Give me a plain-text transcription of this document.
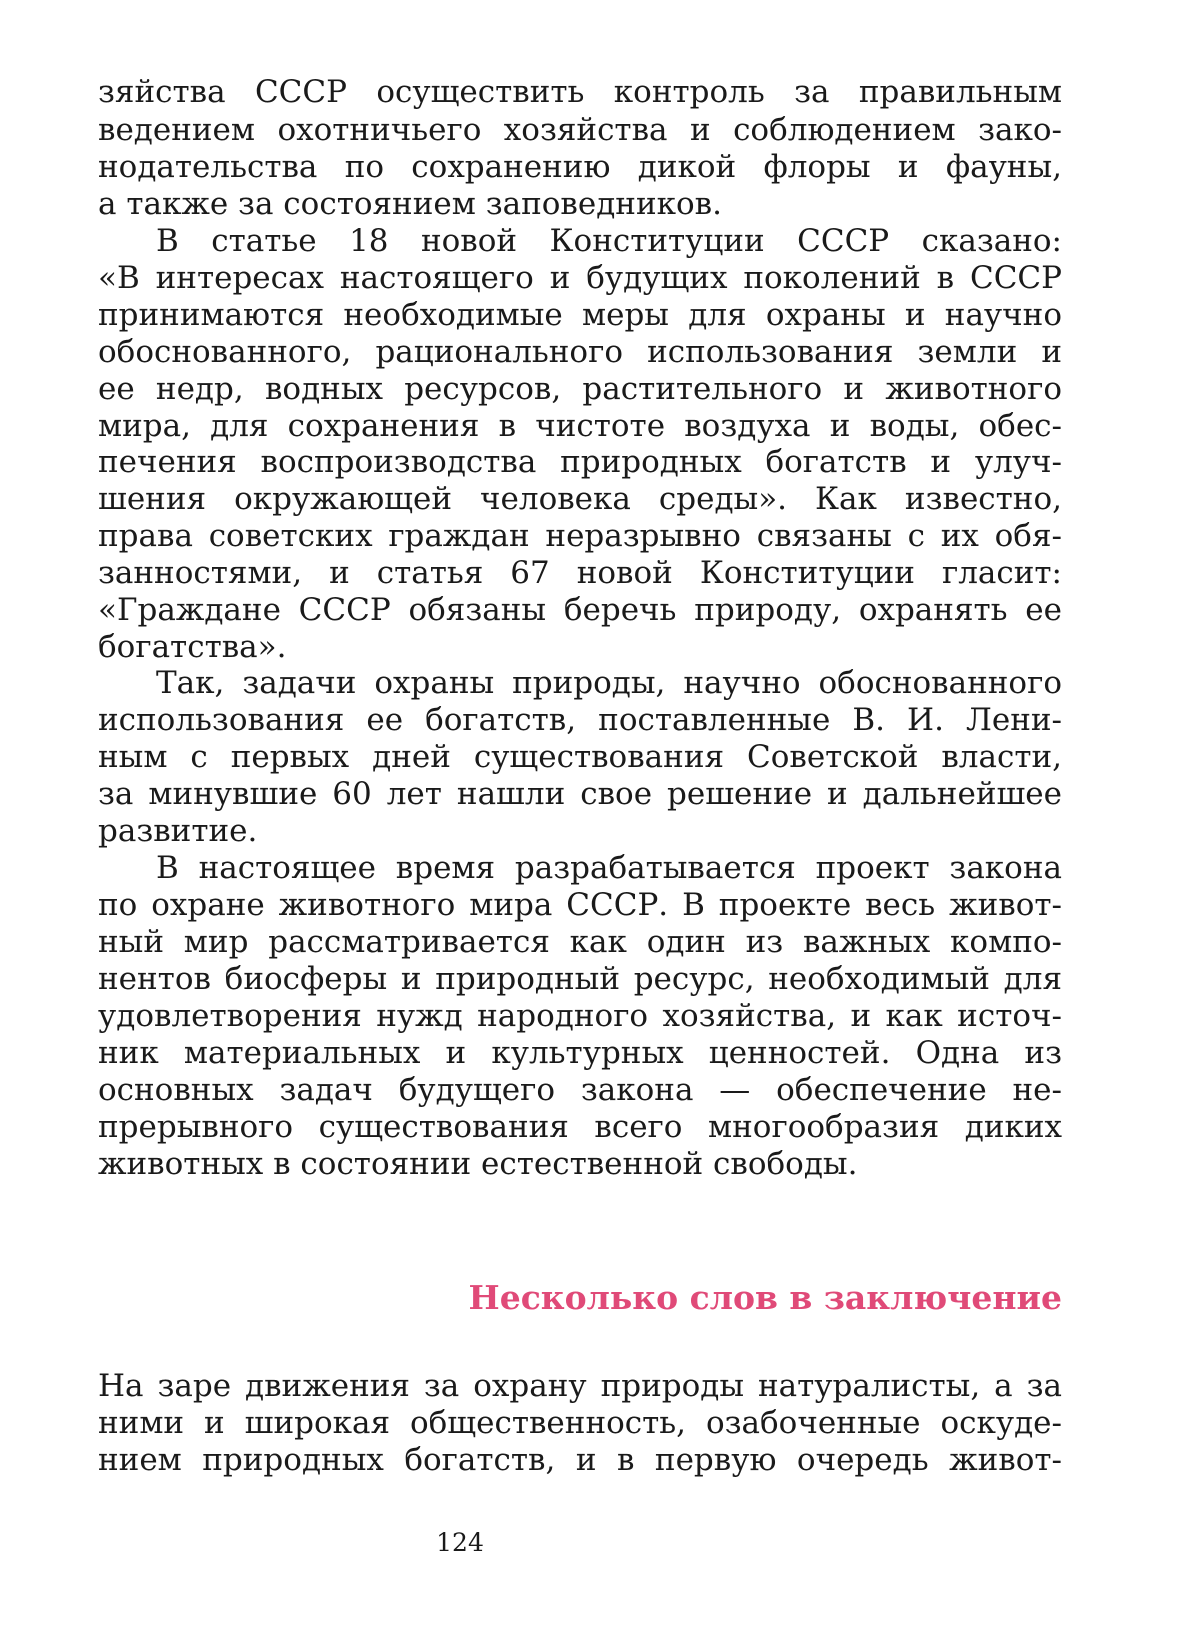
зяйства СССР осуществить контроль за правильным
ведением охотничьего хозяйства и соблюдением зако-
нодательства по сохранению дикой флоры и фауны,
а также за состоянием заповедников.
В статье 18 новой Конституции СССР сказано:
«В интересах настоящего и будущих поколений в СССР
принимаются необходимые меры для охраны и научно
обоснованного, рационального использования земли и
ее недр, водных ресурсов, растительного и животного
мира, для сохранения в чистоте воздуха и воды, обес-
печения воспроизводства природных богатств и улуч-
шения окружающей человека среды». Как известно,
права советских граждан неразрывно связаны с их обя-
занностями, и статья 67 новой Конституции гласит:
«Граждане СССР обязаны беречь природу, охранять ее
богатства».
Так, задачи охраны природы, научно обоснованного
использования ее богатств, поставленные В. И. Лени-
ным с первых дней существования Советской власти,
за минувшие 60 лет нашли свое решение и дальнейшее
развитие.
В настоящее время разрабатывается проект закона
по охране животного мира СССР. В проекте весь живот-
ный мир рассматривается как один из важных компо-
нентов биосферы и природный ресурс, необходимый для
удовлетворения нужд народного хозяйства, и как источ-
ник материальных и культурных ценностей. Одна из
основных задач будущего закона — обеспечение не-
прерывного существования всего многообразия диких
животных в состоянии естественной свободы.
Несколько слов в заключение
На заре движения за охрану природы натуралисты, а за
ними и широкая общественность, озабоченные оскуде-
нием природных богатств, и в первую очередь живот-
124
